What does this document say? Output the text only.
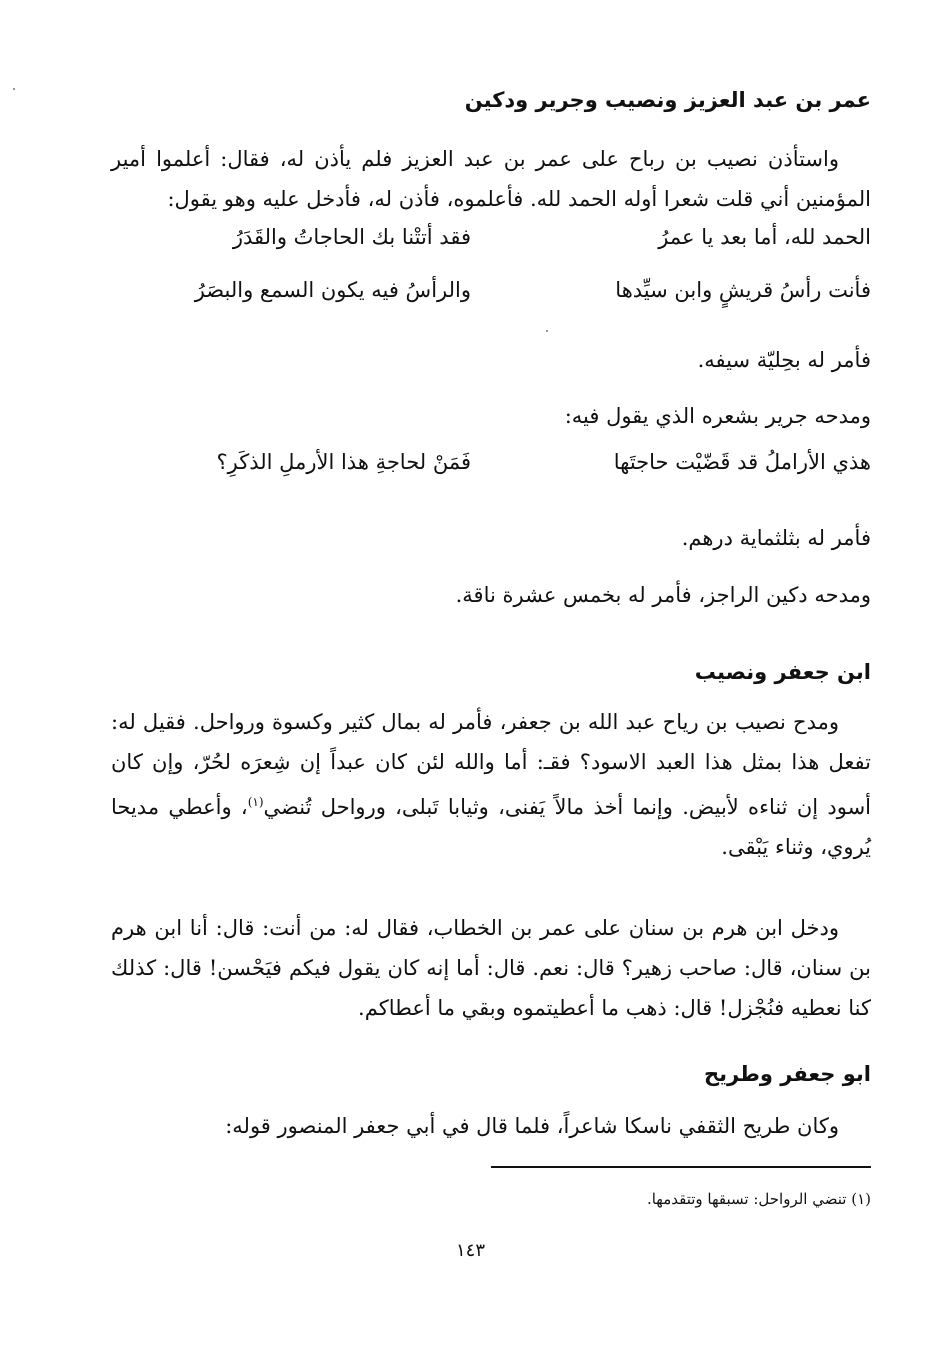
عمر بن عبد العزيز ونصيب وجرير ودكين
واستأذن نصيب بن رباح على عمر بن عبد العزيز فلم يأذن له، فقال: أعلموا أمير المؤمنين أني قلت شعرا أوله الحمد لله. فأعلموه، فأذن له، فأدخل عليه وهو يقول:
الحمد لله، أما بعد يا عمرُ
فقد أتتْنا بك الحاجاتُ والقَدَرُ
فأنت رأسُ قريشٍ وابن سيِّدها
والرأسُ فيه يكون السمع والبصَرُ
فأمر له بحِليّة سيفه.
ومدحه جرير بشعره الذي يقول فيه:
هذي الأراملُ قد قَضّيْت حاجتَها
فَمَنْ لحاجةِ هذا الأرملِ الذكَرِ؟
فأمر له بثلثماية درهم.
ومدحه دكين الراجز، فأمر له بخمس عشرة ناقة.
ابن جعفر ونصيب
ومدح نصيب بن رياح عبد الله بن جعفر، فأمر له بمال كثير وكسوة ورواحل. فقيل له: تفعل هذا بمثل هذا العبد الاسود؟ فقـ: أما والله لئن كان عبداً إن شِعرَه لحُرّ، وإن كان أسود إن ثناءه لأبيض. وإنما أخذ مالاً يَفنى، وثيابا تَبلى، ورواحل تُنضي$^{(١)}$، وأعطي مديحا يُروي، وثناء يَبْقى.
ودخل ابن هرم بن سنان على عمر بن الخطاب، فقال له: من أنت: قال: أنا ابن هرم بن سنان، قال: صاحب زهير؟ قال: نعم. قال: أما إنه كان يقول فيكم فيَحْسن! قال: كذلك كنا نعطيه فنُجْزل! قال: ذهب ما أعطيتموه وبقي ما أعطاكم.
ابو جعفر وطريح
وكان طريح الثقفي ناسكا شاعراً، فلما قال في أبي جعفر المنصور قوله:
(١) تنضي الرواحل: تسبقها وتتقدمها.
١٤٣
